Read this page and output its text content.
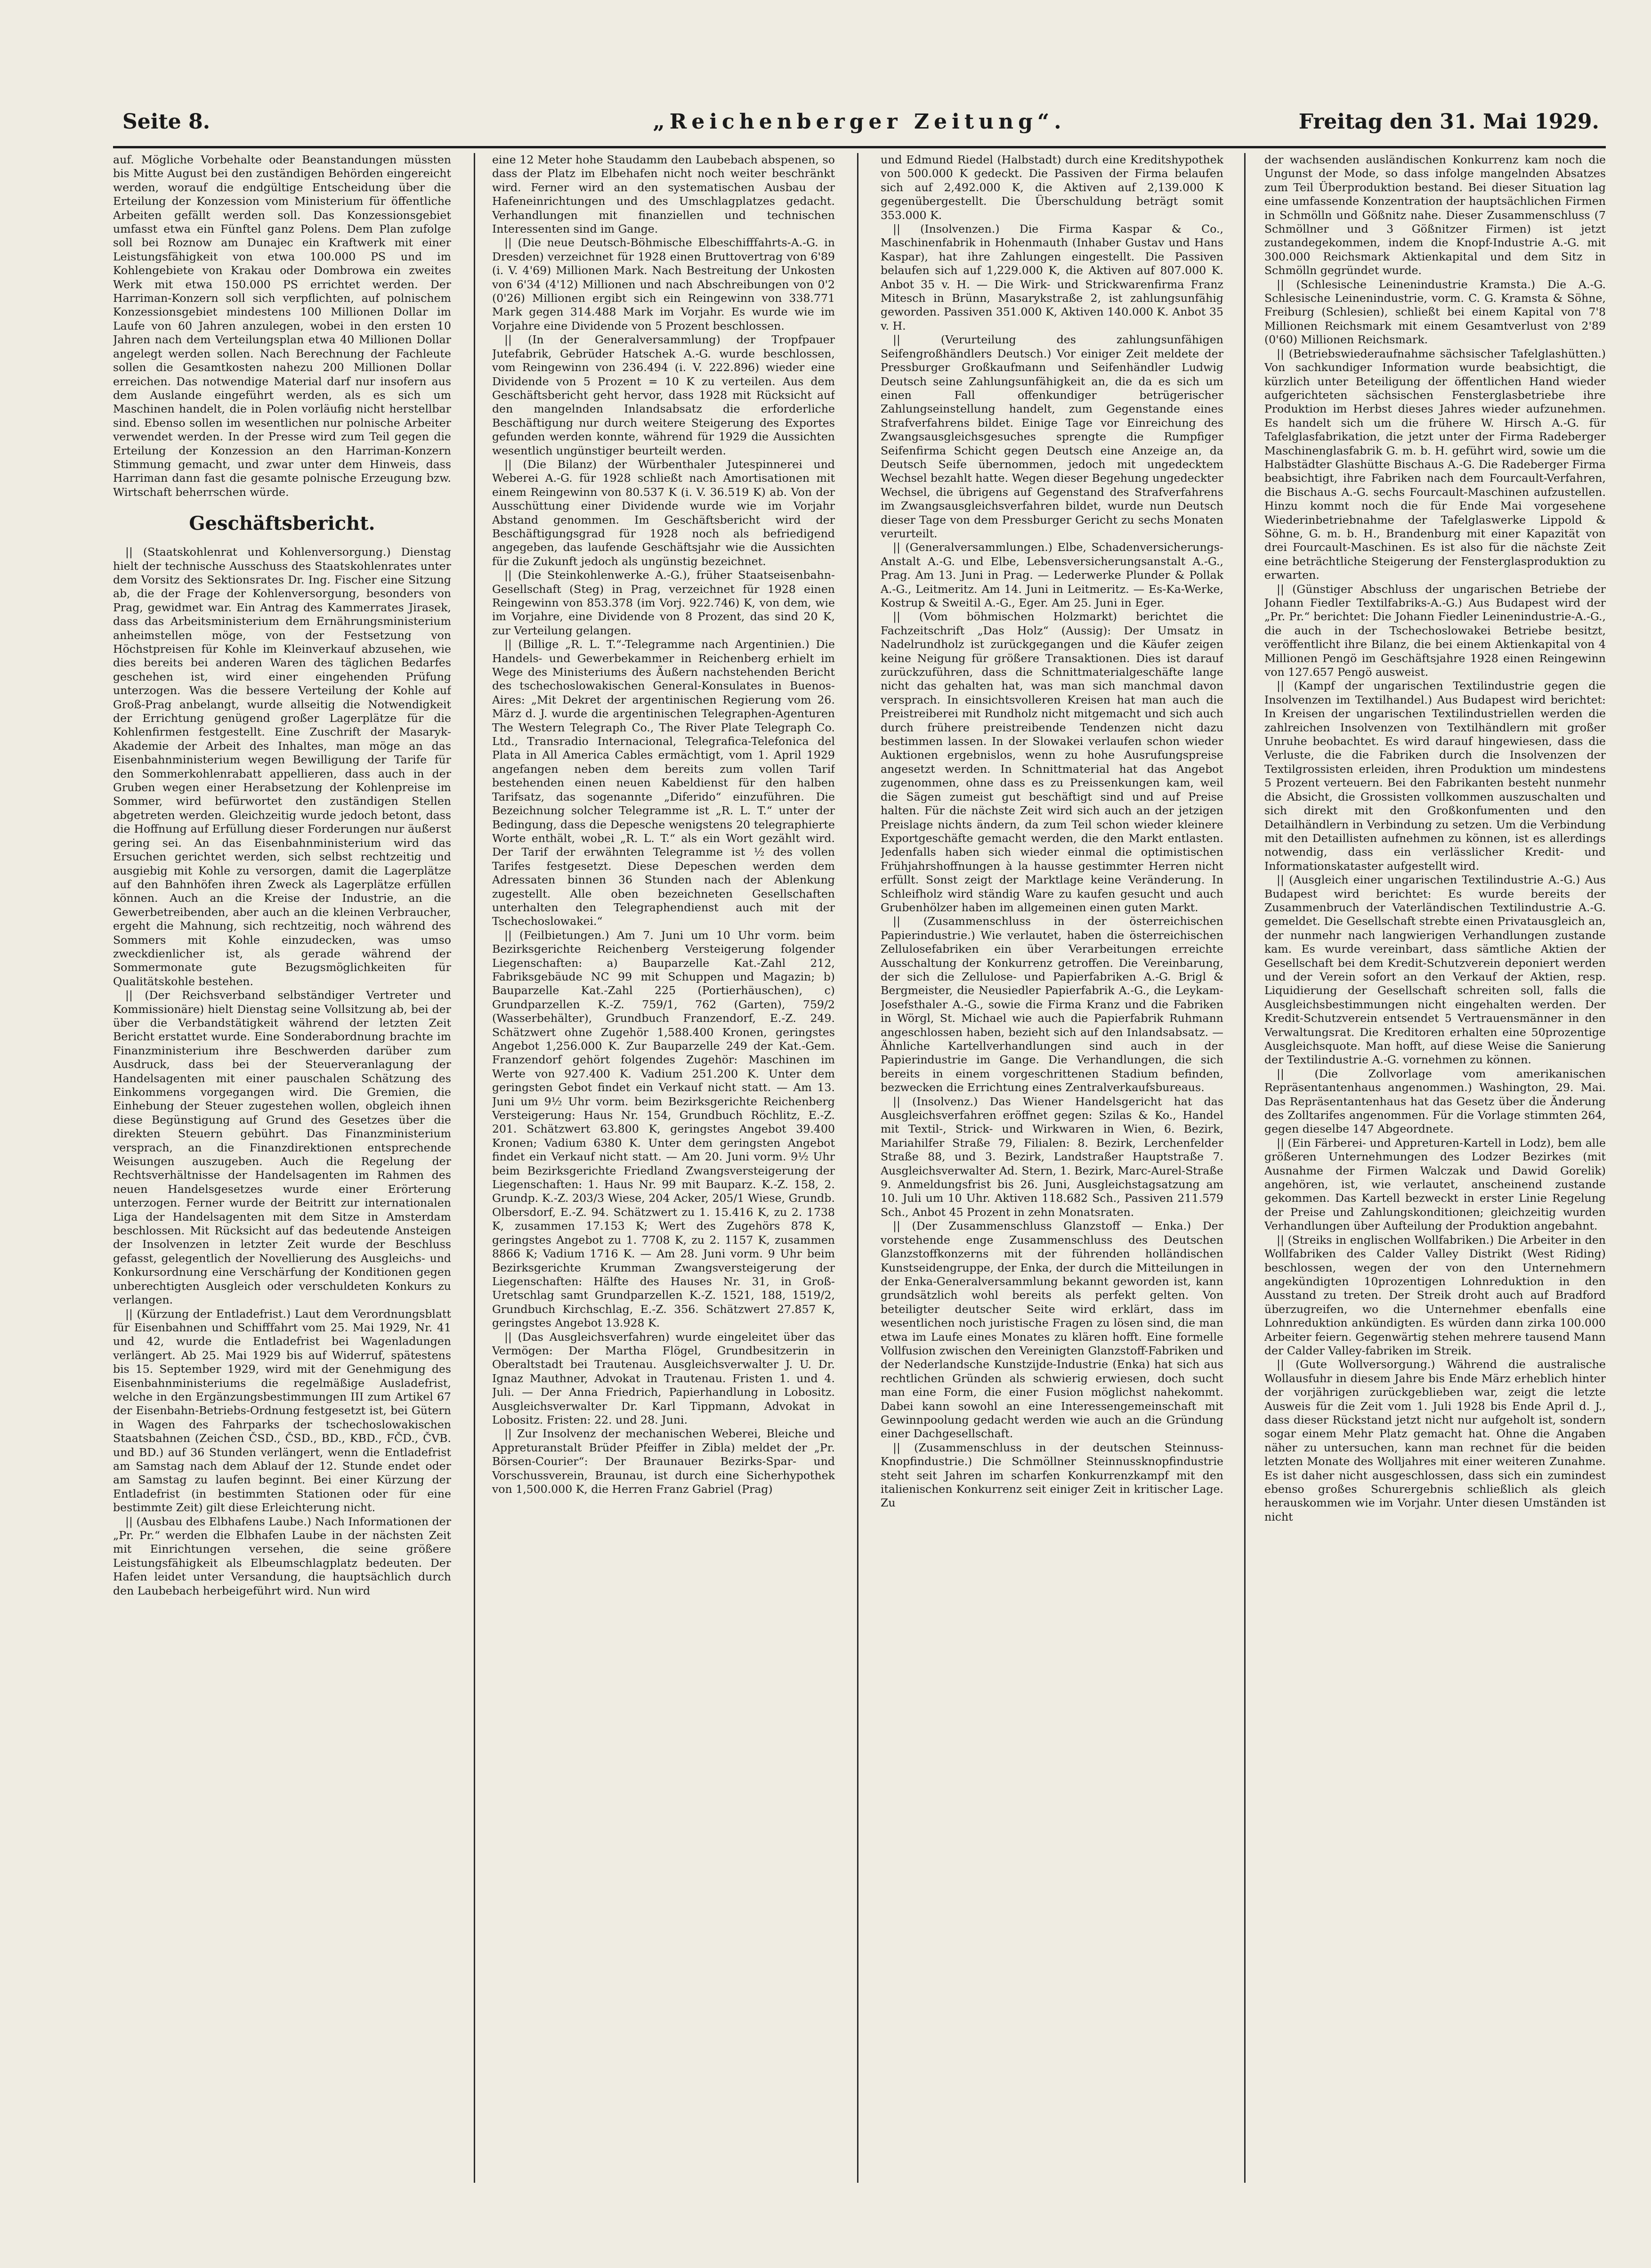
Seite 8.	„Reichenberger Zeitung“.	Freitag den 31. Mai 1929.

auf. Mögliche Vorbehalte oder Beanstandungen müssten bis Mitte August bei den zuständigen Behörden eingereicht werden, worauf die endgültige Entscheidung über die Erteilung der Konzession vom Ministerium für öffentliche Arbeiten gefällt werden soll. Das Konzessionsgebiet umfasst etwa ein Fünftel ganz Polens. Dem Plan zufolge soll bei Roznow am Dunajec ein Kraftwerk mit einer Leistungsfähigkeit von etwa 100.000 PS und im Kohlengebiete von Krakau oder Dombrowa ein zweites Werk mit etwa 150.000 PS errichtet werden. Der Harriman-Konzern soll sich verpflichten, auf polnischem Konzessionsgebiet mindestens 100 Millionen Dollar im Laufe von 60 Jahren anzulegen, wobei in den ersten 10 Jahren nach dem Verteilungsplan etwa 40 Millionen Dollar angelegt werden sollen. Nach Berechnung der Fachleute sollen die Gesamtkosten nahezu 200 Millionen Dollar erreichen. Das notwendige Material darf nur insofern aus dem Auslande eingeführt werden, als es sich um Maschinen handelt, die in Polen vorläufig nicht herstellbar sind. Ebenso sollen im wesentlichen nur polnische Arbeiter verwendet werden. In der Presse wird zum Teil gegen die Erteilung der Konzession an den Harriman-Konzern Stimmung gemacht, und zwar unter dem Hinweis, dass Harriman dann fast die gesamte polnische Erzeugung bzw. Wirtschaft beherrschen würde.

Geschäftsbericht.

|| (Staatskohlenrat und Kohlenversorgung.) Dienstag hielt der technische Ausschuss des Staatskohlenrates unter dem Vorsitz des Sektionsrates Dr. Ing. Fischer eine Sitzung ab, die der Frage der Kohlenversorgung, besonders von Prag, gewidmet war. Ein Antrag des Kammerrates Jirasek, dass das Arbeitsministerium dem Ernährungsministerium anheimstellen möge, von der Festsetzung von Höchstpreisen für Kohle im Kleinverkauf abzusehen, wie dies bereits bei anderen Waren des täglichen Bedarfes geschehen ist, wird einer eingehenden Prüfung unterzogen. Was die bessere Verteilung der Kohle auf Groß-Prag anbelangt, wurde allseitig die Notwendigkeit der Errichtung genügend großer Lagerplätze für die Kohlenfirmen festgestellt. Eine Zuschrift der Masaryk-Akademie der Arbeit des Inhaltes, man möge an das Eisenbahnministerium wegen Bewilligung der Tarife für den Sommerkohlenrabatt appellieren, dass auch in der Gruben wegen einer Herabsetzung der Kohlenpreise im Sommer, wird befürwortet den zuständigen Stellen abgetreten werden. Gleichzeitig wurde jedoch betont, dass die Hoffnung auf Erfüllung dieser Forderungen nur äußerst gering sei. An das Eisenbahnministerium wird das Ersuchen gerichtet werden, sich selbst rechtzeitig und ausgiebig mit Kohle zu versorgen, damit die Lagerplätze auf den Bahnhöfen ihren Zweck als Lagerplätze erfüllen können. Auch an die Kreise der Industrie, an die Gewerbetreibenden, aber auch an die kleinen Verbraucher, ergeht die Mahnung, sich rechtzeitig, noch während des Sommers mit Kohle einzudecken, was umso zweckdienlicher ist, als gerade während der Sommermonate gute Bezugsmöglichkeiten für Qualitätskohle bestehen.

|| (Der Reichsverband selbständiger Vertreter und Kommissionäre) hielt Dienstag seine Vollsitzung ab, bei der über die Verbandstätigkeit während der letzten Zeit Bericht erstattet wurde. Eine Sonderabordnung brachte im Finanzministerium ihre Beschwerden darüber zum Ausdruck, dass bei der Steuerveranlagung der Handelsagenten mit einer pauschalen Schätzung des Einkommens vorgegangen wird. Die Gremien, die Einhebung der Steuer zugestehen wollen, obgleich ihnen diese Begünstigung auf Grund des Gesetzes über die direkten Steuern gebührt. Das Finanzministerium versprach, an die Finanzdirektionen entsprechende Weisungen auszugeben. Auch die Regelung der Rechtsverhältnisse der Handelsagenten im Rahmen des neuen Handelsgesetzes wurde einer Erörterung unterzogen. Ferner wurde der Beitritt zur internationalen Liga der Handelsagenten mit dem Sitze in Amsterdam beschlossen. Mit Rücksicht auf das bedeutende Ansteigen der Insolvenzen in letzter Zeit wurde der Beschluss gefasst, gelegentlich der Novellierung des Ausgleichs- und Konkursordnung eine Verschärfung der Konditionen gegen unberechtigten Ausgleich oder verschuldeten Konkurs zu verlangen.

|| (Kürzung der Entladefrist.) Laut dem Verordnungsblatt für Eisenbahnen und Schifffahrt vom 25. Mai 1929, Nr. 41 und 42, wurde die Entladefrist bei Wagenladungen verlängert. Ab 25. Mai 1929 bis auf Widerruf, spätestens bis 15. September 1929, wird mit der Genehmigung des Eisenbahnministeriums die regelmäßige Ausladefrist, welche in den Ergänzungsbestimmungen III zum Artikel 67 der Eisenbahn-Betriebs-Ordnung festgesetzt ist, bei Gütern in Wagen des Fahrparks der tschechoslowakischen Staatsbahnen (Zeichen ČSD., ČSD., BD., KBD., FČD., ČVB. und BD.) auf 36 Stunden verlängert, wenn die Entladefrist am Samstag nach dem Ablauf der 12. Stunde endet oder am Samstag zu laufen beginnt. Bei einer Kürzung der Entladefrist (in bestimmten Stationen oder für eine bestimmte Zeit) gilt diese Erleichterung nicht.

|| (Ausbau des Elbhafens Laube.) Nach Informationen der „Pr. Pr.“ werden die Elbhafen Laube in der nächsten Zeit mit Einrichtungen versehen, die seine größere Leistungsfähigkeit als Elbeumschlagplatz bedeuten. Der Hafen leidet unter Versandung, die hauptsächlich durch den Laubebach herbeigeführt wird. Nun wird

eine 12 Meter hohe Staudamm den Laubebach abspenen, so dass der Platz im Elbehafen nicht noch weiter beschränkt wird. Ferner wird an den systematischen Ausbau der Hafeneinrichtungen und des Umschlagplatzes gedacht. Verhandlungen mit finanziellen und technischen Interessenten sind im Gange.

|| (Die neue Deutsch-Böhmische Elbeschifffahrts-A.-G. in Dresden) verzeichnet für 1928 einen Bruttovertrag von 6'89 (i. V. 4'69) Millionen Mark. Nach Bestreitung der Unkosten von 6'34 (4'12) Millionen und nach Abschreibungen von 0'2 (0'26) Millionen ergibt sich ein Reingewinn von 338.771 Mark gegen 314.488 Mark im Vorjahr. Es wurde wie im Vorjahre eine Dividende von 5 Prozent beschlossen.

|| (In der Generalversammlung) der Tropfpauer Jutefabrik, Gebrüder Hatschek A.-G. wurde beschlossen, vom Reingewinn von 236.494 (i. V. 222.896) wieder eine Dividende von 5 Prozent = 10 K zu verteilen. Aus dem Geschäftsbericht geht hervor, dass 1928 mit Rücksicht auf den mangelnden Inlandsabsatz die erforderliche Beschäftigung nur durch weitere Steigerung des Exportes gefunden werden konnte, während für 1929 die Aussichten wesentlich ungünstiger beurteilt werden.

|| (Die Bilanz) der Würbenthaler Jutespinnerei und Weberei A.-G. für 1928 schließt nach Amortisationen mit einem Reingewinn von 80.537 K (i. V. 36.519 K) ab. Von der Ausschüttung einer Dividende wurde wie im Vorjahr Abstand genommen. Im Geschäftsbericht wird der Beschäftigungsgrad für 1928 noch als befriedigend angegeben, das laufende Geschäftsjahr wie die Aussichten für die Zukunft jedoch als ungünstig bezeichnet.

|| (Die Steinkohlenwerke A.-G.), früher Staatseisenbahn-Gesellschaft (Steg) in Prag, verzeichnet für 1928 einen Reingewinn von 853.378 (im Vorj. 922.746) K, von dem, wie im Vorjahre, eine Dividende von 8 Prozent, das sind 20 K, zur Verteilung gelangen.

|| (Billige „R. L. T.“-Telegramme nach Argentinien.) Die Handels- und Gewerbekammer in Reichenberg erhielt im Wege des Ministeriums des Äußern nachstehenden Bericht des tschechoslowakischen General-Konsulates in Buenos-Aires: „Mit Dekret der argentinischen Regierung vom 26. März d. J. wurde die argentinischen Telegraphen-Agenturen The Western Telegraph Co., The River Plate Telegraph Co. Ltd., Transradio Internacional, Telegrafica-Telefonica del Plata in All America Cables ermächtigt, vom 1. April 1929 angefangen neben dem bereits zum vollen Tarif bestehenden einen neuen Kabeldienst für den halben Tarifsatz, das sogenannte „Diferido“ einzuführen. Die Bezeichnung solcher Telegramme ist „R. L. T.“ unter der Bedingung, dass die Depesche wenigstens 20 telegraphierte Worte enthält, wobei „R. L. T.“ als ein Wort gezählt wird. Der Tarif der erwähnten Telegramme ist ½ des vollen Tarifes festgesetzt. Diese Depeschen werden dem Adressaten binnen 36 Stunden nach der Ablenkung zugestellt. Alle oben bezeichneten Gesellschaften unterhalten den Telegraphendienst auch mit der Tschechoslowakei.“

|| (Feilbietungen.) Am 7. Juni um 10 Uhr vorm. beim Bezirksgerichte Reichenberg Versteigerung folgender Liegenschaften: a) Bauparzelle Kat.-Zahl 212, Fabriksgebäude NC 99 mit Schuppen und Magazin; b) Bauparzelle Kat.-Zahl 225 (Portierhäuschen), c) Grundparzellen K.-Z. 759/1, 762 (Garten), 759/2 (Wasserbehälter), Grundbuch Franzendorf, E.-Z. 249. Schätzwert ohne Zugehör 1,588.400 Kronen, geringstes Angebot 1,256.000 K. Zur Bauparzelle 249 der Kat.-Gem. Franzendorf gehört folgendes Zugehör: Maschinen im Werte von 927.400 K. Vadium 251.200 K. Unter dem geringsten Gebot findet ein Verkauf nicht statt. — Am 13. Juni um 9½ Uhr vorm. beim Bezirksgerichte Reichenberg Versteigerung: Haus Nr. 154, Grundbuch Röchlitz, E.-Z. 201. Schätzwert 63.800 K, geringstes Angebot 39.400 Kronen; Vadium 6380 K. Unter dem geringsten Angebot findet ein Verkauf nicht statt. — Am 20. Juni vorm. 9½ Uhr beim Bezirksgerichte Friedland Zwangsversteigerung der Liegenschaften: 1. Haus Nr. 99 mit Bauparz. K.-Z. 158, 2. Grundp. K.-Z. 203/3 Wiese, 204 Acker, 205/1 Wiese, Grundb. Olbersdorf, E.-Z. 94. Schätzwert zu 1. 15.416 K, zu 2. 1738 K, zusammen 17.153 K; Wert des Zugehörs 878 K, geringstes Angebot zu 1. 7708 K, zu 2. 1157 K, zusammen 8866 K; Vadium 1716 K. — Am 28. Juni vorm. 9 Uhr beim Bezirksgerichte Krumman Zwangsversteigerung der Liegenschaften: Hälfte des Hauses Nr. 31, in Groß-Uretschlag samt Grundparzellen K.-Z. 1521, 188, 1519/2, Grundbuch Kirchschlag, E.-Z. 356. Schätzwert 27.857 K, geringstes Angebot 13.928 K.

|| (Das Ausgleichsverfahren) wurde eingeleitet über das Vermögen: Der Martha Flögel, Grundbesitzerin in Oberaltstadt bei Trautenau. Ausgleichsverwalter J. U. Dr. Ignaz Mauthner, Advokat in Trautenau. Fristen 1. und 4. Juli. — Der Anna Friedrich, Papierhandlung in Lobositz. Ausgleichsverwalter Dr. Karl Tippmann, Advokat in Lobositz. Fristen: 22. und 28. Juni.

|| Zur Insolvenz der mechanischen Weberei, Bleiche und Appreturanstalt Brüder Pfeiffer in Zibla) meldet der „Pr. Börsen-Courier“: Der Braunauer Bezirks-Spar- und Vorschussverein, Braunau, ist durch eine Sicherhypothek von 1,500.000 K, die Herren Franz Gabriel (Prag)

und Edmund Riedel (Halbstadt) durch eine Kreditshypothek von 500.000 K gedeckt. Die Passiven der Firma belaufen sich auf 2,492.000 K, die Aktiven auf 2,139.000 K gegenübergestellt. Die Überschuldung beträgt somit 353.000 K.

|| (Insolvenzen.) Die Firma Kaspar & Co., Maschinenfabrik in Hohenmauth (Inhaber Gustav und Hans Kaspar), hat ihre Zahlungen eingestellt. Die Passiven belaufen sich auf 1,229.000 K, die Aktiven auf 807.000 K. Anbot 35 v. H. — Die Wirk- und Strickwarenfirma Franz Mitesch in Brünn, Masarykstraße 2, ist zahlungsunfähig geworden. Passiven 351.000 K, Aktiven 140.000 K. Anbot 35 v. H.

|| (Verurteilung des zahlungsunfähigen Seifengroßhändlers Deutsch.) Vor einiger Zeit meldete der Pressburger Großkaufmann und Seifenhändler Ludwig Deutsch seine Zahlungsunfähigkeit an, die da es sich um einen Fall offenkundiger betrügerischer Zahlungseinstellung handelt, zum Gegenstande eines Strafverfahrens bildet. Einige Tage vor Einreichung des Zwangsausgleichsgesuches sprengte die Rumpfiger Seifenfirma Schicht gegen Deutsch eine Anzeige an, da Deutsch Seife übernommen, jedoch mit ungedecktem Wechsel bezahlt hatte. Wegen dieser Begehung ungedeckter Wechsel, die übrigens auf Gegenstand des Strafverfahrens im Zwangsausgleichsverfahren bildet, wurde nun Deutsch dieser Tage von dem Pressburger Gericht zu sechs Monaten verurteilt.

|| (Generalversammlungen.) Elbe, Schadenversicherungs-Anstalt A.-G. und Elbe, Lebensversicherungsanstalt A.-G., Prag. Am 13. Juni in Prag. — Lederwerke Plunder & Pollak A.-G., Leitmeritz. Am 14. Juni in Leitmeritz. — Es-Ka-Werke, Kostrup & Sweitil A.-G., Eger. Am 25. Juni in Eger.

|| (Vom böhmischen Holzmarkt) berichtet die Fachzeitschrift „Das Holz“ (Aussig): Der Umsatz in Nadelrundholz ist zurückgegangen und die Käufer zeigen keine Neigung für größere Transaktionen. Dies ist darauf zurückzuführen, dass die Schnittmaterialgeschäfte lange nicht das gehalten hat, was man sich manchmal davon versprach. In einsichtsvolleren Kreisen hat man auch die Preistreiberei mit Rundholz nicht mitgemacht und sich auch durch frühere preistreibende Tendenzen nicht dazu bestimmen lassen. In der Slowakei verlaufen schon wieder Auktionen ergebnislos, wenn zu hohe Ausrufungspreise angesetzt werden. In Schnittmaterial hat das Angebot zugenommen, ohne dass es zu Preissenkungen kam, weil die Sägen zumeist gut beschäftigt sind und auf Preise halten. Für die nächste Zeit wird sich auch an der jetzigen Preislage nichts ändern, da zum Teil schon wieder kleinere Exportgeschäfte gemacht werden, die den Markt entlasten. Jedenfalls haben sich wieder einmal die optimistischen Frühjahrshoffnungen à la hausse gestimmter Herren nicht erfüllt. Sonst zeigt der Marktlage keine Veränderung. In Schleifholz wird ständig Ware zu kaufen gesucht und auch Grubenhölzer haben im allgemeinen einen guten Markt.

|| (Zusammenschluss in der österreichischen Papierindustrie.) Wie verlautet, haben die österreichischen Zellulosefabriken ein über Verarbeitungen erreichte Ausschaltung der Konkurrenz getroffen. Die Vereinbarung, der sich die Zellulose- und Papierfabriken A.-G. Brigl & Bergmeister, die Neusiedler Papierfabrik A.-G., die Leykam-Josefsthaler A.-G., sowie die Firma Kranz und die Fabriken in Wörgl, St. Michael wie auch die Papierfabrik Ruhmann angeschlossen haben, bezieht sich auf den Inlandsabsatz. — Ähnliche Kartellverhandlungen sind auch in der Papierindustrie im Gange. Die Verhandlungen, die sich bereits in einem vorgeschrittenen Stadium befinden, bezwecken die Errichtung eines Zentralverkaufsbureaus.

|| (Insolvenz.) Das Wiener Handelsgericht hat das Ausgleichsverfahren eröffnet gegen: Szilas & Ko., Handel mit Textil-, Strick- und Wirkwaren in Wien, 6. Bezirk, Mariahilfer Straße 79, Filialen: 8. Bezirk, Lerchenfelder Straße 88, und 3. Bezirk, Landstraßer Hauptstraße 7. Ausgleichsverwalter Ad. Stern, 1. Bezirk, Marc-Aurel-Straße 9. Anmeldungsfrist bis 26. Juni, Ausgleichstagsatzung am 10. Juli um 10 Uhr. Aktiven 118.682 Sch., Passiven 211.579 Sch., Anbot 45 Prozent in zehn Monatsraten.

|| (Der Zusammenschluss Glanzstoff — Enka.) Der vorstehende enge Zusammenschluss des Deutschen Glanzstoffkonzerns mit der führenden holländischen Kunstseidengruppe, der Enka, der durch die Mitteilungen in der Enka-Generalversammlung bekannt geworden ist, kann grundsätzlich wohl bereits als perfekt gelten. Von beteiligter deutscher Seite wird erklärt, dass im wesentlichen noch juristische Fragen zu lösen sind, die man etwa im Laufe eines Monates zu klären hofft. Eine formelle Vollfusion zwischen den Vereinigten Glanzstoff-Fabriken und der Nederlandsche Kunstzijde-Industrie (Enka) hat sich aus rechtlichen Gründen als schwierig erwiesen, doch sucht man eine Form, die einer Fusion möglichst nahekommt. Dabei kann sowohl an eine Interessengemeinschaft mit Gewinnpoolung gedacht werden wie auch an die Gründung einer Dachgesellschaft.

|| (Zusammenschluss in der deutschen Steinnuss-Knopfindustrie.) Die Schmöllner Steinnussknopfindustrie steht seit Jahren im scharfen Konkurrenzkampf mit den italienischen Konkurrenz seit einiger Zeit in kritischer Lage. Zu

der wachsenden ausländischen Konkurrenz kam noch die Ungunst der Mode, so dass infolge mangelnden Absatzes zum Teil Überproduktion bestand. Bei dieser Situation lag eine umfassende Konzentration der hauptsächlichen Firmen in Schmölln und Gößnitz nahe. Dieser Zusammenschluss (7 Schmöllner und 3 Gößnitzer Firmen) ist jetzt zustandegekommen, indem die Knopf-Industrie A.-G. mit 300.000 Reichsmark Aktienkapital und dem Sitz in Schmölln gegründet wurde.

|| (Schlesische Leinenindustrie Kramsta.) Die A.-G. Schlesische Leinenindustrie, vorm. C. G. Kramsta & Söhne, Freiburg (Schlesien), schließt bei einem Kapital von 7'8 Millionen Reichsmark mit einem Gesamtverlust von 2'89 (0'60) Millionen Reichsmark.

|| (Betriebswiederaufnahme sächsischer Tafelglashütten.) Von sachkundiger Information wurde beabsichtigt, die kürzlich unter Beteiligung der öffentlichen Hand wieder aufgerichteten sächsischen Fensterglasbetriebe ihre Produktion im Herbst dieses Jahres wieder aufzunehmen. Es handelt sich um die frühere W. Hirsch A.-G. für Tafelglasfabrikation, die jetzt unter der Firma Radeberger Maschinenglasfabrik G. m. b. H. geführt wird, sowie um die Halbstädter Glashütte Bischaus A.-G. Die Radeberger Firma beabsichtigt, ihre Fabriken nach dem Fourcault-Verfahren, die Bischaus A.-G. sechs Fourcault-Maschinen aufzustellen. Hinzu kommt noch die für Ende Mai vorgesehene Wiederinbetriebnahme der Tafelglaswerke Lippold & Söhne, G. m. b. H., Brandenburg mit einer Kapazität von drei Fourcault-Maschinen. Es ist also für die nächste Zeit eine beträchtliche Steigerung der Fensterglasproduktion zu erwarten.

|| (Günstiger Abschluss der ungarischen Betriebe der Johann Fiedler Textilfabriks-A.-G.) Aus Budapest wird der „Pr. Pr.“ berichtet: Die Johann Fiedler Leinenindustrie-A.-G., die auch in der Tschechoslowakei Betriebe besitzt, veröffentlicht ihre Bilanz, die bei einem Aktienkapital von 4 Millionen Pengö im Geschäftsjahre 1928 einen Reingewinn von 127.657 Pengö ausweist.

|| (Kampf der ungarischen Textilindustrie gegen die Insolvenzen im Textilhandel.) Aus Budapest wird berichtet: In Kreisen der ungarischen Textilindustriellen werden die zahlreichen Insolvenzen von Textilhändlern mit großer Unruhe beobachtet. Es wird darauf hingewiesen, dass die Verluste, die die Fabriken durch die Insolvenzen der Textilgrossisten erleiden, ihren Produktion um mindestens 5 Prozent verteuern. Bei den Fabrikanten besteht nunmehr die Absicht, die Grossisten vollkommen auszuschalten und sich direkt mit den Großkonfumenten und den Detailhändlern in Verbindung zu setzen. Um die Verbindung mit den Detaillisten aufnehmen zu können, ist es allerdings notwendig, dass ein verlässlicher Kredit- und Informationskataster aufgestellt wird.

|| (Ausgleich einer ungarischen Textilindustrie A.-G.) Aus Budapest wird berichtet: Es wurde bereits der Zusammenbruch der Vaterländischen Textilindustrie A.-G. gemeldet. Die Gesellschaft strebte einen Privatausgleich an, der nunmehr nach langwierigen Verhandlungen zustande kam. Es wurde vereinbart, dass sämtliche Aktien der Gesellschaft bei dem Kredit-Schutzverein deponiert werden und der Verein sofort an den Verkauf der Aktien, resp. Liquidierung der Gesellschaft schreiten soll, falls die Ausgleichsbestimmungen nicht eingehalten werden. Der Kredit-Schutzverein entsendet 5 Vertrauensmänner in den Verwaltungsrat. Die Kreditoren erhalten eine 50prozentige Ausgleichsquote. Man hofft, auf diese Weise die Sanierung der Textilindustrie A.-G. vornehmen zu können.

|| (Die Zollvorlage vom amerikanischen Repräsentantenhaus angenommen.) Washington, 29. Mai. Das Repräsentantenhaus hat das Gesetz über die Änderung des Zolltarifes angenommen. Für die Vorlage stimmten 264, gegen dieselbe 147 Abgeordnete.

|| (Ein Färberei- und Appreturen-Kartell in Lodz), bem alle größeren Unternehmungen des Lodzer Bezirkes (mit Ausnahme der Firmen Walczak und Dawid Gorelik) angehören, ist, wie verlautet, anscheinend zustande gekommen. Das Kartell bezweckt in erster Linie Regelung der Preise und Zahlungskonditionen; gleichzeitig wurden Verhandlungen über Aufteilung der Produktion angebahnt.

|| (Streiks in englischen Wollfabriken.) Die Arbeiter in den Wollfabriken des Calder Valley Distrikt (West Riding) beschlossen, wegen der von den Unternehmern angekündigten 10prozentigen Lohnreduktion in den Ausstand zu treten. Der Streik droht auch auf Bradford überzugreifen, wo die Unternehmer ebenfalls eine Lohnreduktion ankündigten. Es würden dann zirka 100.000 Arbeiter feiern. Gegenwärtig stehen mehrere tausend Mann der Calder Valley-fabriken im Streik.

|| (Gute Wollversorgung.) Während die australische Wollausfuhr in diesem Jahre bis Ende März erheblich hinter der vorjährigen zurückgeblieben war, zeigt die letzte Ausweis für die Zeit vom 1. Juli 1928 bis Ende April d. J., dass dieser Rückstand jetzt nicht nur aufgeholt ist, sondern sogar einem Mehr Platz gemacht hat. Ohne die Angaben näher zu untersuchen, kann man rechnet für die beiden letzten Monate des Wolljahres mit einer weiteren Zunahme. Es ist daher nicht ausgeschlossen, dass sich ein zumindest ebenso großes Schurergebnis schließlich als gleich herauskommen wie im Vorjahr. Unter diesen Umständen ist nicht
